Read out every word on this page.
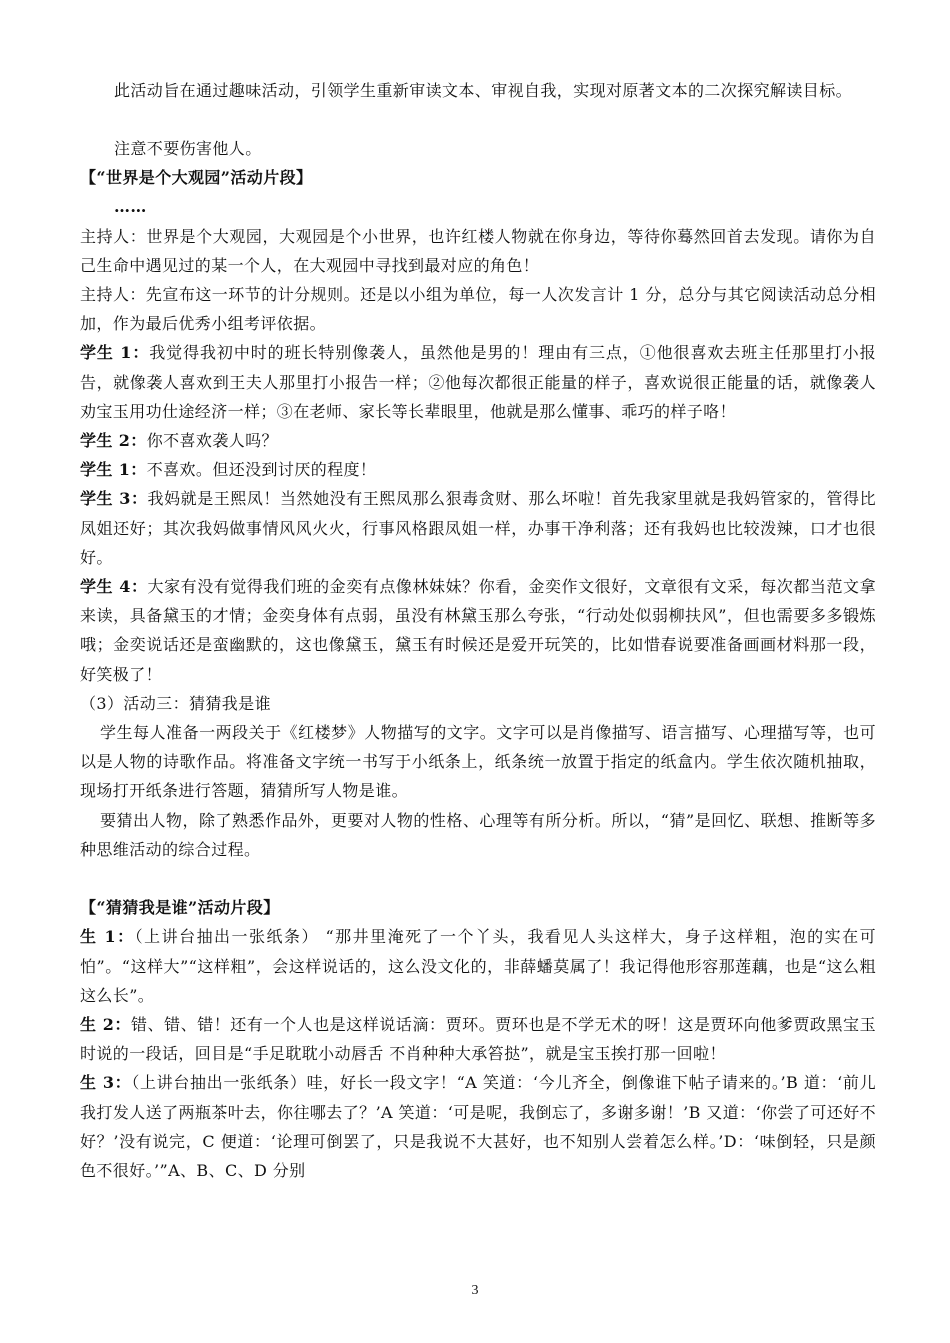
此活动旨在通过趣味活动，引领学生重新审读文本、审视自我，实现对原著文本的二次探究解读目标。

注意不要伤害他人。

【“世界是个大观园”活动片段】

……

主持人：世界是个大观园，大观园是个小世界，也许红楼人物就在你身边，等待你蓦然回首去发现。请你为自己生命中遇见过的某一个人，在大观园中寻找到最对应的角色！

主持人：先宣布这一环节的计分规则。还是以小组为单位，每一人次发言计 1 分，总分与其它阅读活动总分相加，作为最后优秀小组考评依据。

学生 1：我觉得我初中时的班长特别像袭人，虽然他是男的！理由有三点，①他很喜欢去班主任那里打小报告，就像袭人喜欢到王夫人那里打小报告一样；②他每次都很正能量的样子，喜欢说很正能量的话，就像袭人劝宝玉用功仕途经济一样；③在老师、家长等长辈眼里，他就是那么懂事、乖巧的样子咯！

学生 2：你不喜欢袭人吗？

学生 1：不喜欢。但还没到讨厌的程度！

学生 3：我妈就是王熙凤！当然她没有王熙凤那么狠毒贪财、那么坏啦！首先我家里就是我妈管家的，管得比凤姐还好；其次我妈做事情风风火火，行事风格跟凤姐一样，办事干净利落；还有我妈也比较泼辣，口才也很好。

学生 4：大家有没有觉得我们班的金奕有点像林妹妹？你看，金奕作文很好，文章很有文采，每次都当范文拿来读，具备黛玉的才情；金奕身体有点弱，虽没有林黛玉那么夸张，“行动处似弱柳扶风”，但也需要多多锻炼哦；金奕说话还是蛮幽默的，这也像黛玉，黛玉有时候还是爱开玩笑的，比如惜春说要准备画画材料那一段，好笑极了！

（3）活动三：猜猜我是谁

学生每人准备一两段关于《红楼梦》人物描写的文字。文字可以是肖像描写、语言描写、心理描写等，也可以是人物的诗歌作品。将准备文字统一书写于小纸条上，纸条统一放置于指定的纸盒内。学生依次随机抽取，现场打开纸条进行答题，猜猜所写人物是谁。

要猜出人物，除了熟悉作品外，更要对人物的性格、心理等有所分析。所以，“猜”是回忆、联想、推断等多种思维活动的综合过程。

【“猜猜我是谁”活动片段】

生 1：（上讲台抽出一张纸条） “那井里淹死了一个丫头，我看见人头这样大，身子这样粗，泡的实在可怕”。“这样大”“这样粗”，会这样说话的，这么没文化的，非薛蟠莫属了！我记得他形容那莲藕，也是“这么粗这么长”。

生 2：错、错、错！还有一个人也是这样说话滴：贾环。贾环也是不学无术的呀！这是贾环向他爹贾政黑宝玉时说的一段话，回目是“手足耽耽小动唇舌 不肖种种大承笞挞”，就是宝玉挨打那一回啦！

生 3：（上讲台抽出一张纸条）哇，好长一段文字！“A 笑道：‘今儿齐全，倒像谁下帖子请来的。’B 道：‘前儿我打发人送了两瓶茶叶去，你往哪去了？’A 笑道：‘可是呢，我倒忘了，多谢多谢！’B 又道：‘你尝了可还好不好？’没有说完，C 便道：‘论理可倒罢了，只是我说不大甚好，也不知别人尝着怎么样。’D：‘味倒轻，只是颜色不很好。’”A、B、C、D 分别

3
